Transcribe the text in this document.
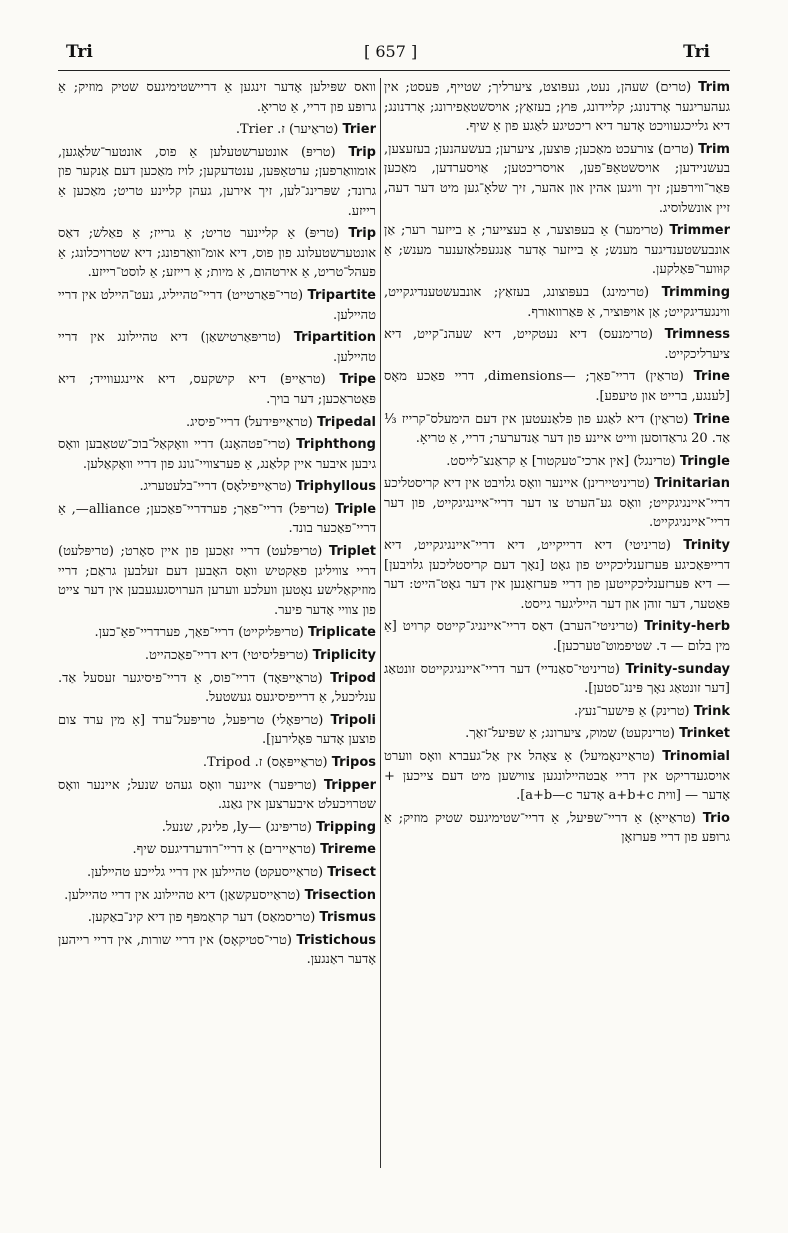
Tri	[ 657 ]	Tri

וואס שפּילען אָדער זינגען אַ דריישטימיגעס שטיק מוזיק; אַ גרופּע פון דריי, אַ טריאָ.

Trier (טראַיער) ז. Trier.

Trip (טריפּ) אונטערשטעלען אַ פוס, אונטער־שלאָגען, אומוואַרפען; ערטאַפּען, ענטדעקען; לויז מאַכען דעם אַנקער פון גרונד; שפּרינג־לען, זיך אירען, געהן קליינע טריט; מאַכען אַ רייזע.

Trip (טריפּ) אַ קליינער טריט; אַ גרייז; אַ פאַלש; דאַס אונטערשטעלונג פון פוס, דיא אומ־וואַרפונג; דיא שטרויכלונג; אַ פעהל־טריט, אַ אירטהום, אַ מיות; אַ רייזע; אַ לוסט־רייזע.

Tripartite (טרי־פּאַרטייט) דריי־טהייליג, געט־היילט אין דריי טהיילען.

Tripartition (טריפּאַרטישאַן) דיא טהיילונג אין דריי טהיילען.

Tripe (טראַייפּ) דיא קישקעס, דיא איינגעווייד; דיא פּאַטראַכען; דער בויך.

Tripedal (טראַייפּידעל) דריי־פיסיג.

Triphthong (טרי־פטהאָנג) דריי וואָקאַל־בוכ־שטאַבען וואָס גיבען איבער איין קלאַנג, אַ פערצוויי־גונג פון דריי וואָקאַלען.

Triphyllous (טראַייפילאָס) דריי־בלעטעריג.

Triple (טריפּל) דריי־פאַך; פערדריי־פאַכען; alliance—, אַ דריי־פאַכער בונד.

Triplet (טריפּלעט) דריי זאַכען פון איין סאָרט; (טריפּלעט) דריי צוויליגן פאַקטיש וואָס האָבען דעם זעלבען גראַם; דריי מוזיקאַלישע נאָטען וועלכע ווערען הערויסגעגעבען אין דער צייט פון צוויי אָדער פיער.

Triplicate (טריפּליקייט) דריי־פאַך, פערדריי־פאַ־כען.

Triplicity (טריפּליסיטי) דיא דריי־פאַכהייט.

Tripod (טראַייפּאָד) דריי־פוס, אַ דריי־פיסיגער זעסעל אַד. ענליכעל, אַ דרייפיסיגעס געשטעל.

Tripoli (טריפּאָלי) טריפּעל, טריפּעל־ערד [אַ מין ערד צום פוצען אָדער פּאָלירען].

Tripos (טראַייפּאָס) ז. Tripod.

Tripper (טריפּער) איינער וואָס געהט שנעל; איינער וואָס שטרויכעלט איבערצען אין גאַנג.

Tripping (טריפּינג) —ly, פלינק, שנעל.

Trireme (טראַיירים) אַ דריי־רודערדיגעס שיף.

Trisect (טראַייסעקט) טהיילען אין דריי גלייכע טהיילען.

Trisection (טראַייסעקשאַן) דיא טהיילונג אין דריי טהיילען.

Trismus (טריסמאַס) דער קראַמפּף פון דיא קינ־באַקען.

Tristichous (טרי־סטיקאָס) אין דריי שורות, אין דריי רייהען אָדער ראַנגען.

Trim (טרים) שעהן, נעט, געפּוצט, ציערליך; שטייף, פּעסט; אין געהעריגער אָרדנונג; קליידונג, פּוץ; בעזאַץ; אויסשטאַפירונג; אָרדנונג; דיא גלייכגעוויכט אָדער דיא ריכטיגע לאַגע פון אַ שיף.

Trim (טרים) צורעכט מאַכען; פּוצען, ציערען; בעשעהנען; בעזעצען, בעשניידען; אויסשטאַפּ־פען, אויסריכטען; אַויסערדען, מאַכען פּאַר־ווירפּען; זיך וויגען אהין און אהער, זיך שלאָ־גען מיט דער דעה, זיין אונשלוסיג.

Trimmer (טרימער) אַ בעפּוצער, אַ בעצייער; אַ בייזער רער; אַן אונבעשטענדיגער מענש; אַ בייזער אָדער אַנגעפלאַזענער מענש; אַ קוּווער־פּאַלקען.

Trimming (טרימינג) בעפּוצונג, בעזאַץ; אונבעשטענדיגקייט, ווינגעדיגקייט; אַן אויפּוציר, אַ פּאַרוואורף.

Trimness (טרימנעס) דיא נעטקייט, דיא שעהנ־קייט, דיא ציערליכקייט.

Trine (טראַין) דריי־פאַך; —dimensions, דריי פאַכע מאָס [לענגע, ברייט און טיעפע].

Trine (טראַין) דיא לאַגע פון פּלאַנעטען אין דעם הימעלס־קרייז ⅓ אַד. 20 גראַדוסען ווייט איינע פון דער אַנדערער; דריי, אַ טריאָ.

Tringle (טרינגל) [אין ארכי־טעקטור] אַ קראַנצ־לייסט.

Trinitarian (טריניטיירינן) איינער וואָס גלויבט אין דיא קריסטליכע דריי־איינגיגקייט; וואָס גע־הערט צו דער דריי־איינגיגקייט, פון דער דריי־איינגיגקייט.

Trinity (טריניטי) דיא דרייקייט, דיא דריי־איינגיגקייט, דיא דרייפּאַכיגע פּערזענליכקייט פון גאָט [נאָך דעם קריסטליכען גלויבען] — דיא פּערזענליכקייטען פון דריי פּערזאָנען אין דער גאָט־הייט: דער פּאַטער, דער זוהן און דער הייליגער גייסט.

Trinity-herb (טריניטי־הערב) דאַס דריי־איינגיג־קייטס קרויט [אַ מין בלום — ד. שטיפמוט־טערכען].

Trinity-sunday (טריניטי־סאַנדיי) דער דריי־איינגיגקייטס זונטאַג [דער זונטאַג נאָך פּינג־סטען].

Trink (טרינק) אַ פּישער־נעץ.

Trinket (טרינקעט) שמוק, ציערונג; אַ שפּיעל־זאַך.

Trinomial (טראַיינאָמיעל) אַ צאָהל אין אַל־געברא וואָס ווערט אויסגעדריקט אין דריי אַבטהיילונגען צווישען מיט דעם צייכען + אָדער — [ווית a+b+c אָדער a+b—c].

Trio (טראַייאָ) אַ דריי־שפּיעל, אַ דריי־שטימיגעס שטיק מוזיק; אַ גרופּע פון דריי פּערזאָן
